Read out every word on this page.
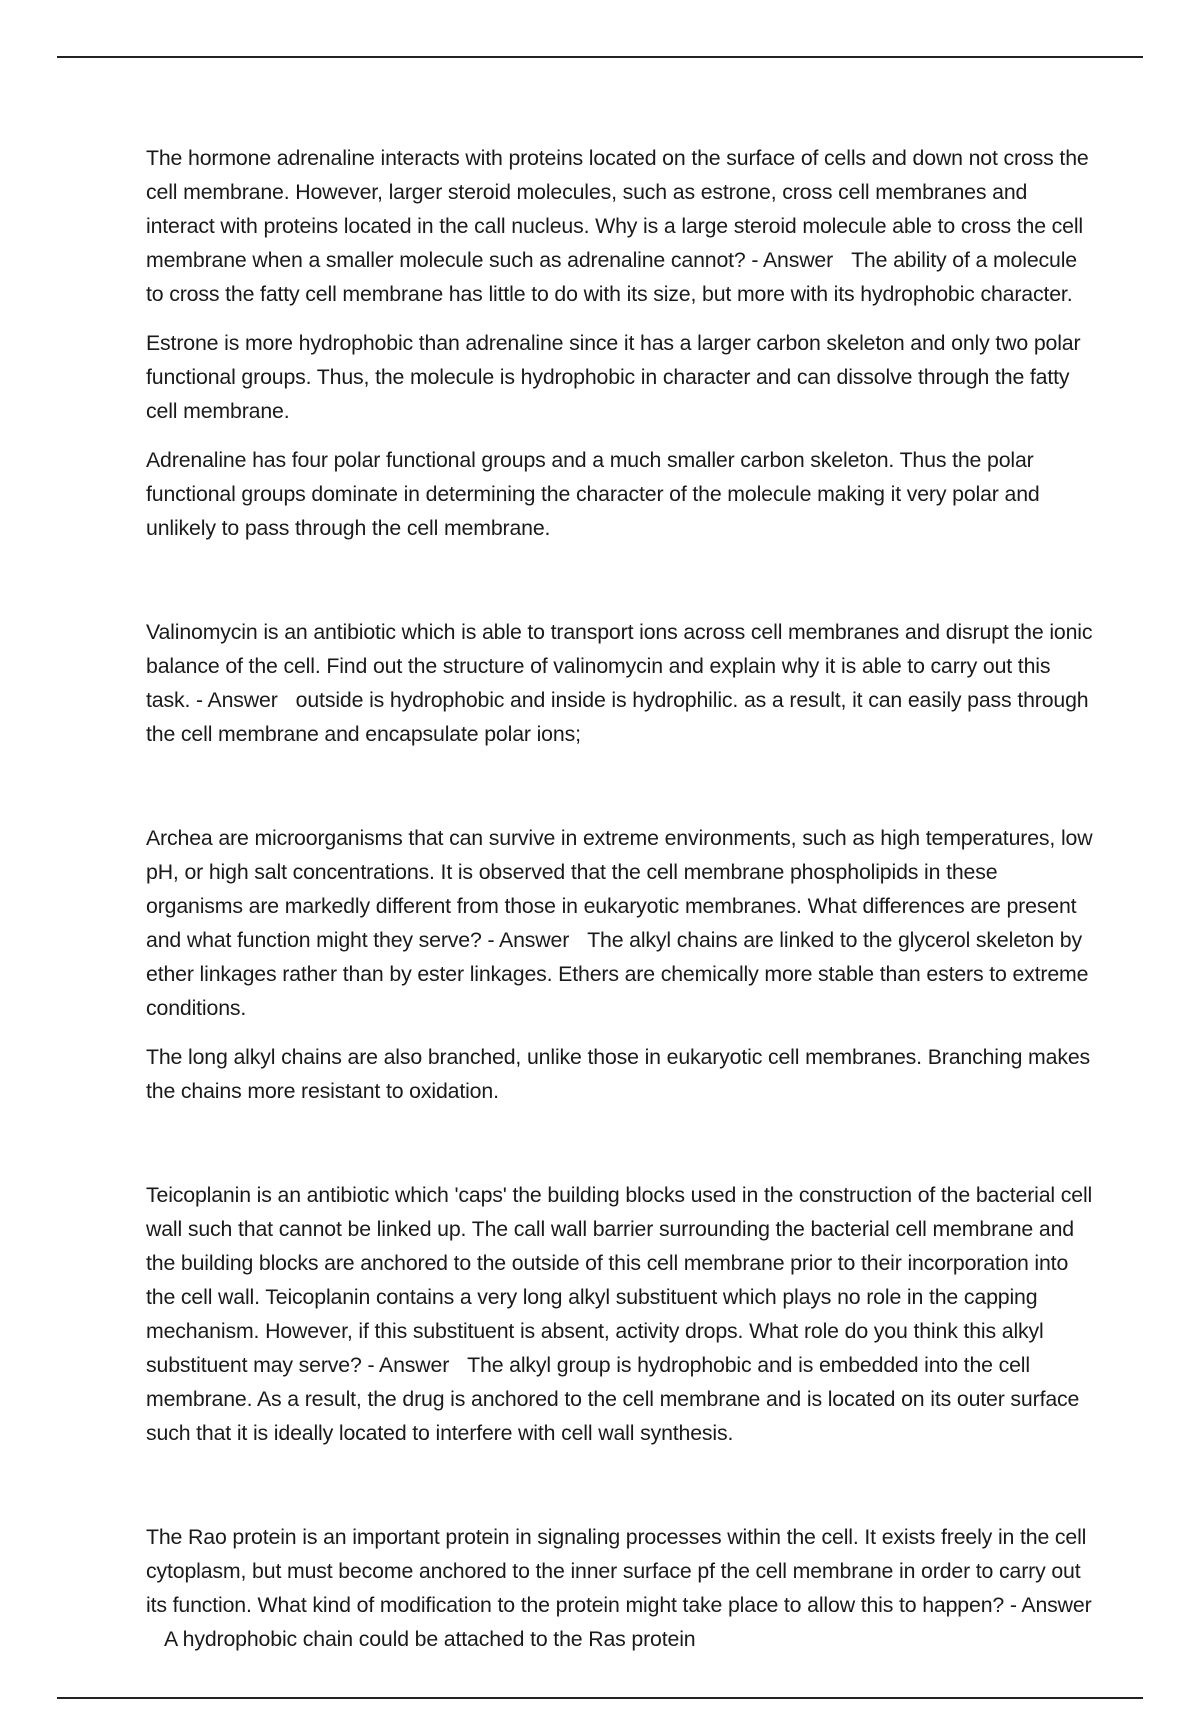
The hormone adrenaline interacts with proteins located on the surface of cells and down not cross the cell membrane. However, larger steroid molecules, such as estrone, cross cell membranes and interact with proteins located in the call nucleus. Why is a large steroid molecule able to cross the cell membrane when a smaller molecule such as adrenaline cannot? - Answer The ability of a molecule to cross the fatty cell membrane has little to do with its size, but more with its hydrophobic character.

Estrone is more hydrophobic than adrenaline since it has a larger carbon skeleton and only two polar functional groups. Thus, the molecule is hydrophobic in character and can dissolve through the fatty cell membrane.

Adrenaline has four polar functional groups and a much smaller carbon skeleton. Thus the polar functional groups dominate in determining the character of the molecule making it very polar and unlikely to pass through the cell membrane.

Valinomycin is an antibiotic which is able to transport ions across cell membranes and disrupt the ionic balance of the cell. Find out the structure of valinomycin and explain why it is able to carry out this task. - Answer outside is hydrophobic and inside is hydrophilic. as a result, it can easily pass through the cell membrane and encapsulate polar ions;

Archea are microorganisms that can survive in extreme environments, such as high temperatures, low pH, or high salt concentrations. It is observed that the cell membrane phospholipids in these organisms are markedly different from those in eukaryotic membranes. What differences are present and what function might they serve? - Answer The alkyl chains are linked to the glycerol skeleton by ether linkages rather than by ester linkages. Ethers are chemically more stable than esters to extreme conditions.

The long alkyl chains are also branched, unlike those in eukaryotic cell membranes. Branching makes the chains more resistant to oxidation.

Teicoplanin is an antibiotic which 'caps' the building blocks used in the construction of the bacterial cell wall such that cannot be linked up. The call wall barrier surrounding the bacterial cell membrane and the building blocks are anchored to the outside of this cell membrane prior to their incorporation into the cell wall. Teicoplanin contains a very long alkyl substituent which plays no role in the capping mechanism. However, if this substituent is absent, activity drops. What role do you think this alkyl substituent may serve? - Answer The alkyl group is hydrophobic and is embedded into the cell membrane. As a result, the drug is anchored to the cell membrane and is located on its outer surface such that it is ideally located to interfere with cell wall synthesis.

The Rao protein is an important protein in signaling processes within the cell. It exists freely in the cell cytoplasm, but must become anchored to the inner surface pf the cell membrane in order to carry out its function. What kind of modification to the protein might take place to allow this to happen? - AnswerA hydrophobic chain could be attached to the Ras protein
